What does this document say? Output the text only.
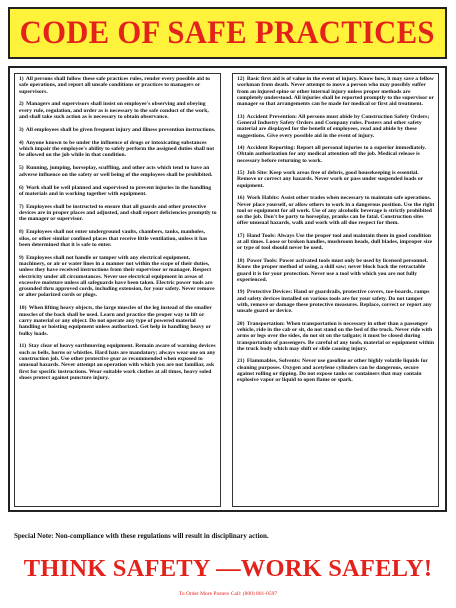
CODE OF SAFE PRACTICES

1) All persons shall follow these safe practices rules, render every possible aid to safe operations, and report all unsafe conditions or practices to managers or supervisors.

2) Managers and supervisors shall insist on employee's observing and obeying every rule, regulation, and order as is necessary to the safe conduct of the work, and shall take such action as is necessary to obtain observance.

3) All employees shall be given frequent injury and illness prevention instructions.

4) Anyone known to be under the influence of drugs or intoxicating substances which impair the employee's ability to safely perform the assigned duties shall not be allowed on the job while in that condition.

5) Running, jumping, horseplay, scuffling, and other acts which tend to have an adverse influence on the safety or well being of the employees shall be prohibited.

6) Work shall be well planned and supervised to prevent injuries in the handling of materials and in working together with equipment.

7) Employees shall be instructed to ensure that all guards and other protective devices are in proper places and adjusted, and shall report deficiencies promptly to the manager or supervisor.

8) Employees shall not enter underground vaults, chambers, tanks, manholes, silos, or other similar confined places that receive little ventilation, unless it has been determined that it is safe to enter.

9) Employees shall not handle or tamper with any electrical equipment, machinery, or air or water lines in a manner not within the scope of their duties, unless they have received instructions from their supervisor or manager. Respect electricity under all circumstances. Never use electrical equipment in areas of excessive moisture unless all safeguards have been taken. Electric power tools are grounded thru approved cords, including extension, for your safety. Never remove or alter polarized cords or plugs.

10) When lifting heavy objects, the large muscles of the leg instead of the smaller muscles of the back shall be used. Learn and practice the proper way to lift or carry material or any object. Do not operate any type of powered material handling or hoisting equipment unless authorized. Get help in handling heavy or bulky loads.

11) Stay clear of heavy earthmoving equipment. Remain aware of warning devices such as bells, horns or whistles. Hard hats are mandatory; always wear one on any construction job. Use other protective gear as recommended when exposed to unusual hazards. Never attempt an operation with which you are not familiar, ask first for specific instructions. Wear suitable work clothes at all times, heavy soled shoes protect against puncture injury.

12) Basic first aid is of value in the event of injury. Know how, it may save a fellow workman from death. Never attempt to move a person who may possibly suffer from an injured spine or other internal injury unless proper methods are completely understood. All injuries shall be reported promptly to the supervisor or manager so that arrangements can be made for medical or first aid treatment.

13) Accident Prevention: All persons must abide by Construction Safety Orders; General Industry Safety Orders and Company rules. Posters and other safety material are displayed for the benefit of employees, read and abide by these suggestions. Give every possible aid in the event of injury.

14) Accident Reporting: Report all personal injuries to a superior immediately. Obtain authorization for any medical attention off the job. Medical release is necessary before returning to work.

15) Job Site: Keep work areas free of debris, good housekeeping is essential. Remove or correct any hazards. Never work or pass under suspended loads or equipment.

16) Work Habits: Assist other trades when necessary to maintain safe operations. Never place yourself, or allow others to work in a dangerous position. Use the right tool or equipment for all work. Use of any alcoholic beverage is strictly prohibited on the job. Don't be party to horseplay, pranks can be fatal. Construction sites offer unusual hazards, walk and work with all due respect for them.

17) Hand Tools: Always Use the proper tool and maintain them in good condition at all times. Loose or broken handles, mushroom heads, dull blades, improper size or type of tool should never be used.

18) Power Tools: Power activated tools must only be used by licensed personnel. Know the proper method of using, a skill saw; never block back the retractable guard it is for your protection. Never use a tool with which you are not fully experienced.

19) Protective Devices: Hand or guardrails, protective covers, toe-boards, ramps and safety devices installed on various tools are for your safety. Do not tamper with, remove or damage these protective measures. Replace, correct or report any unsafe guard or device.

20) Transportation: When transportation is necessary in other than a passenger vehicle, ride in the cab or sit, do not stand on the bed of the truck. Never ride with arms or legs over the sides, do not sit on the tailgate; it must be closed during transportation of passengers. Be careful of any tools, material or equipment within the truck body which may shift or slide causing injury.

21) Flammables, Solvents: Never use gasoline or other highly volatile liquids for cleaning purposes. Oxygen and acetylene cylinders can be dangerous, secure against rolling or tipping. Do not expose tanks or containers that may contain explosive vapor or liquid to open flame or spark.

Special Note: Non-compliance with these regulations will result in disciplinary action.
THINK SAFETY —WORK SAFELY!
To Order More Posters Call: (800) 801-0597
